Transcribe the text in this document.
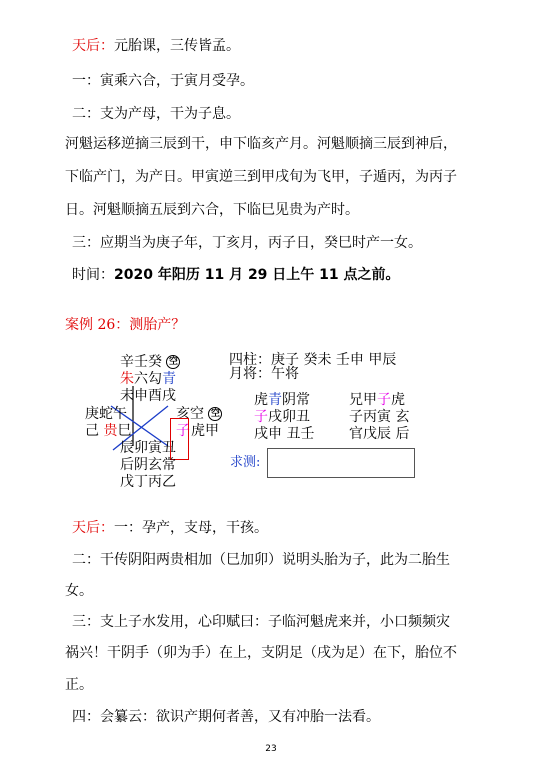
天后：元胎课，三传皆孟。
一：寅乘六合，于寅月受孕。
二：支为产母，干为子息。
河魁运移逆摘三辰到干，申下临亥产月。河魁顺摘三辰到神后，
下临产门，为产日。甲寅逆三到甲戌旬为飞甲，子遁丙，为丙子
日。河魁顺摘五辰到六合，下临巳见贵为产时。
三：应期当为庚子年，丁亥月，丙子日，癸巳时产一女。
时间：2020 年阳历 11 月 29 日上午 11 点之前。
案例 26：测胎产？
辛壬癸 空
朱六勾青
未申酉戌
庚蛇午	亥空 空
己 贵巳	子 虎甲
辰卯寅丑
后阴玄常
戊丁丙乙
四柱：庚子 癸未 壬申 甲辰
月将：午将
虎青阴常
子戌卯丑
戌申 丑壬
兄甲子虎
子丙寅 玄
官戊辰 后
求测:
天后：一：孕产，支母，干孩。
二：干传阴阳两贵相加（巳加卯）说明头胎为子，此为二胎生
女。
三：支上子水发用，心印赋曰：子临河魁虎来并，小口频频灾
祸兴！干阴手（卯为手）在上，支阴足（戌为足）在下，胎位不
正。
四：会纂云：欲识产期何者善，又有冲胎一法看。
23
